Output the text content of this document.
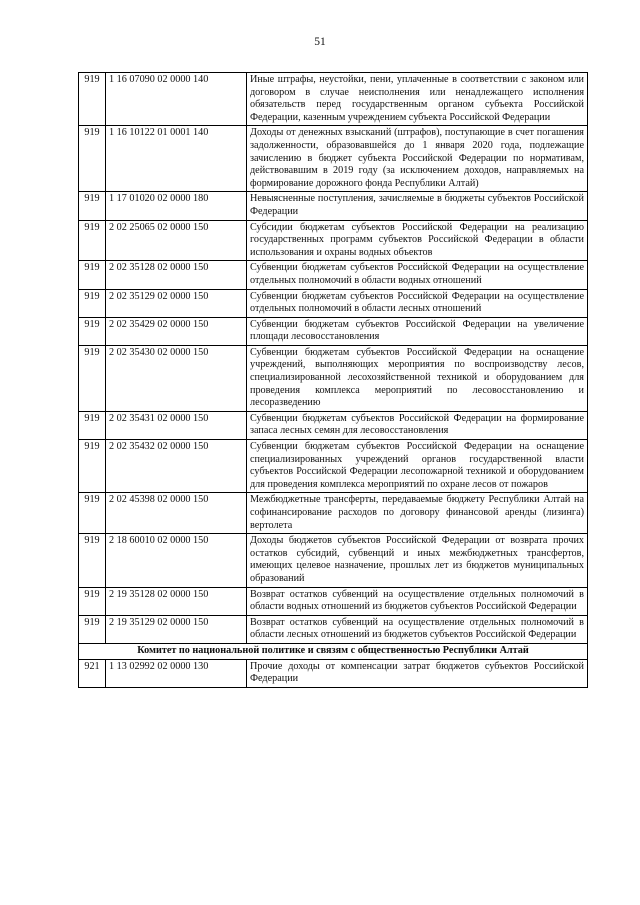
51
919	1 16 07090 02 0000 140	Иные штрафы, неустойки, пени, уплаченные в соответствии с законом или договором в случае неисполнения или ненадлежащего исполнения обязательств перед государственным органом субъекта Российской Федерации, казенным учреждением субъекта Российской Федерации
919	1 16 10122 01 0001 140	Доходы от денежных взысканий (штрафов), поступающие в счет погашения задолженности, образовавшейся до 1 января 2020 года, подлежащие зачислению в бюджет субъекта Российской Федерации по нормативам, действовавшим в 2019 году (за исключением доходов, направляемых на формирование дорожного фонда Республики Алтай)
919	1 17 01020 02 0000 180	Невыясненные поступления, зачисляемые в бюджеты субъектов Российской Федерации
919	2 02 25065 02 0000 150	Субсидии бюджетам субъектов Российской Федерации на реализацию государственных программ субъектов Российской Федерации в области использования и охраны водных объектов
919	2 02 35128 02 0000 150	Субвенции бюджетам субъектов Российской Федерации на осуществление отдельных полномочий в области водных отношений
919	2 02 35129 02 0000 150	Субвенции бюджетам субъектов Российской Федерации на осуществление отдельных полномочий в области лесных отношений
919	2 02 35429 02 0000 150	Субвенции бюджетам субъектов Российской Федерации на увеличение площади лесовосстановления
919	2 02 35430 02 0000 150	Субвенции бюджетам субъектов Российской Федерации на оснащение учреждений, выполняющих мероприятия по воспроизводству лесов, специализированной лесохозяйственной техникой и оборудованием для проведения комплекса мероприятий по лесовосстановлению и лесоразведению
919	2 02 35431 02 0000 150	Субвенции бюджетам субъектов Российской Федерации на формирование запаса лесных семян для лесовосстановления
919	2 02 35432 02 0000 150	Субвенции бюджетам субъектов Российской Федерации на оснащение специализированных учреждений органов государственной власти субъектов Российской Федерации лесопожарной техникой и оборудованием для проведения комплекса мероприятий по охране лесов от пожаров
919	2 02 45398 02 0000 150	Межбюджетные трансферты, передаваемые бюджету Республики Алтай на софинансирование расходов по договору финансовой аренды (лизинга) вертолета
919	2 18 60010 02 0000 150	Доходы бюджетов субъектов Российской Федерации от возврата прочих остатков субсидий, субвенций и иных межбюджетных трансфертов, имеющих целевое назначение, прошлых лет из бюджетов муниципальных образований
919	2 19 35128 02 0000 150	Возврат остатков субвенций на осуществление отдельных полномочий в области водных отношений из бюджетов субъектов Российской Федерации
919	2 19 35129 02 0000 150	Возврат остатков субвенций на осуществление отдельных полномочий в области лесных отношений из бюджетов субъектов Российской Федерации
Комитет по национальной политике и связям с общественностью Республики Алтай		
921	1 13 02992 02 0000 130	Прочие доходы от компенсации затрат бюджетов субъектов Российской Федерации
